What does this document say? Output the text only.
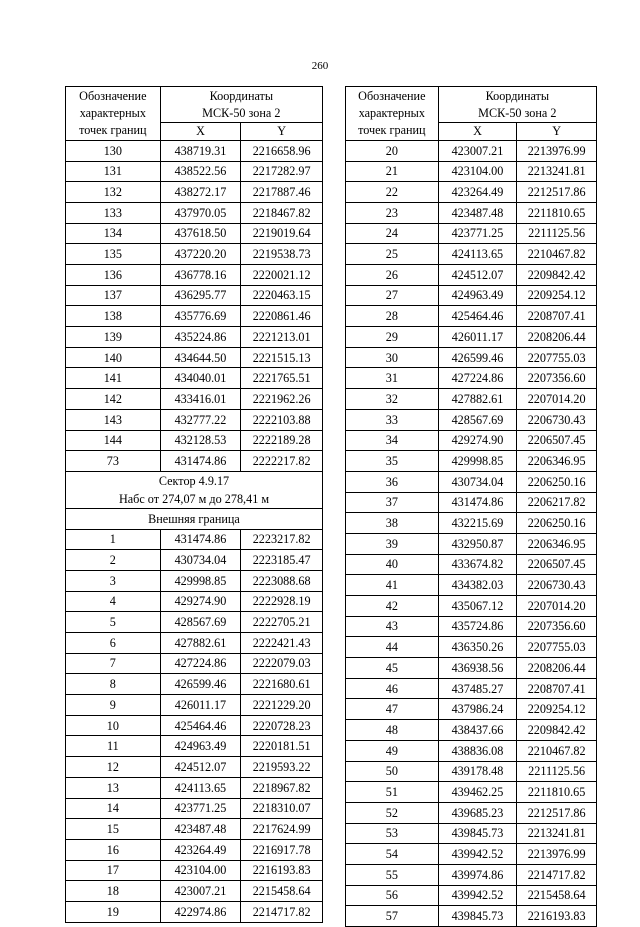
260
Обозначение
характерных
точек границ	Координаты	
	МСК-50 зона 2	
	X	Y
130	438719.31	2216658.96
131	438522.56	2217282.97
132	438272.17	2217887.46
133	437970.05	2218467.82
134	437618.50	2219019.64
135	437220.20	2219538.73
136	436778.16	2220021.12
137	436295.77	2220463.15
138	435776.69	2220861.46
139	435224.86	2221213.01
140	434644.50	2221515.13
141	434040.01	2221765.51
142	433416.01	2221962.26
143	432777.22	2222103.88
144	432128.53	2222189.28
73	431474.86	2222217.82
Сектор 4.9.17		
Набс от 274,07 м до 278,41 м		
Внешняя граница		
1	431474.86	2223217.82
2	430734.04	2223185.47
3	429998.85	2223088.68
4	429274.90	2222928.19
5	428567.69	2222705.21
6	427882.61	2222421.43
7	427224.86	2222079.03
8	426599.46	2221680.61
9	426011.17	2221229.20
10	425464.46	2220728.23
11	424963.49	2220181.51
12	424512.07	2219593.22
13	424113.65	2218967.82
14	423771.25	2218310.07
15	423487.48	2217624.99
16	423264.49	2216917.78
17	423104.00	2216193.83
18	423007.21	2215458.64
19	422974.86	2214717.82
Обозначение
характерных
точек границ	Координаты	
	МСК-50 зона 2	
	X	Y
20	423007.21	2213976.99
21	423104.00	2213241.81
22	423264.49	2212517.86
23	423487.48	2211810.65
24	423771.25	2211125.56
25	424113.65	2210467.82
26	424512.07	2209842.42
27	424963.49	2209254.12
28	425464.46	2208707.41
29	426011.17	2208206.44
30	426599.46	2207755.03
31	427224.86	2207356.60
32	427882.61	2207014.20
33	428567.69	2206730.43
34	429274.90	2206507.45
35	429998.85	2206346.95
36	430734.04	2206250.16
37	431474.86	2206217.82
38	432215.69	2206250.16
39	432950.87	2206346.95
40	433674.82	2206507.45
41	434382.03	2206730.43
42	435067.12	2207014.20
43	435724.86	2207356.60
44	436350.26	2207755.03
45	436938.56	2208206.44
46	437485.27	2208707.41
47	437986.24	2209254.12
48	438437.66	2209842.42
49	438836.08	2210467.82
50	439178.48	2211125.56
51	439462.25	2211810.65
52	439685.23	2212517.86
53	439845.73	2213241.81
54	439942.52	2213976.99
55	439974.86	2214717.82
56	439942.52	2215458.64
57	439845.73	2216193.83
